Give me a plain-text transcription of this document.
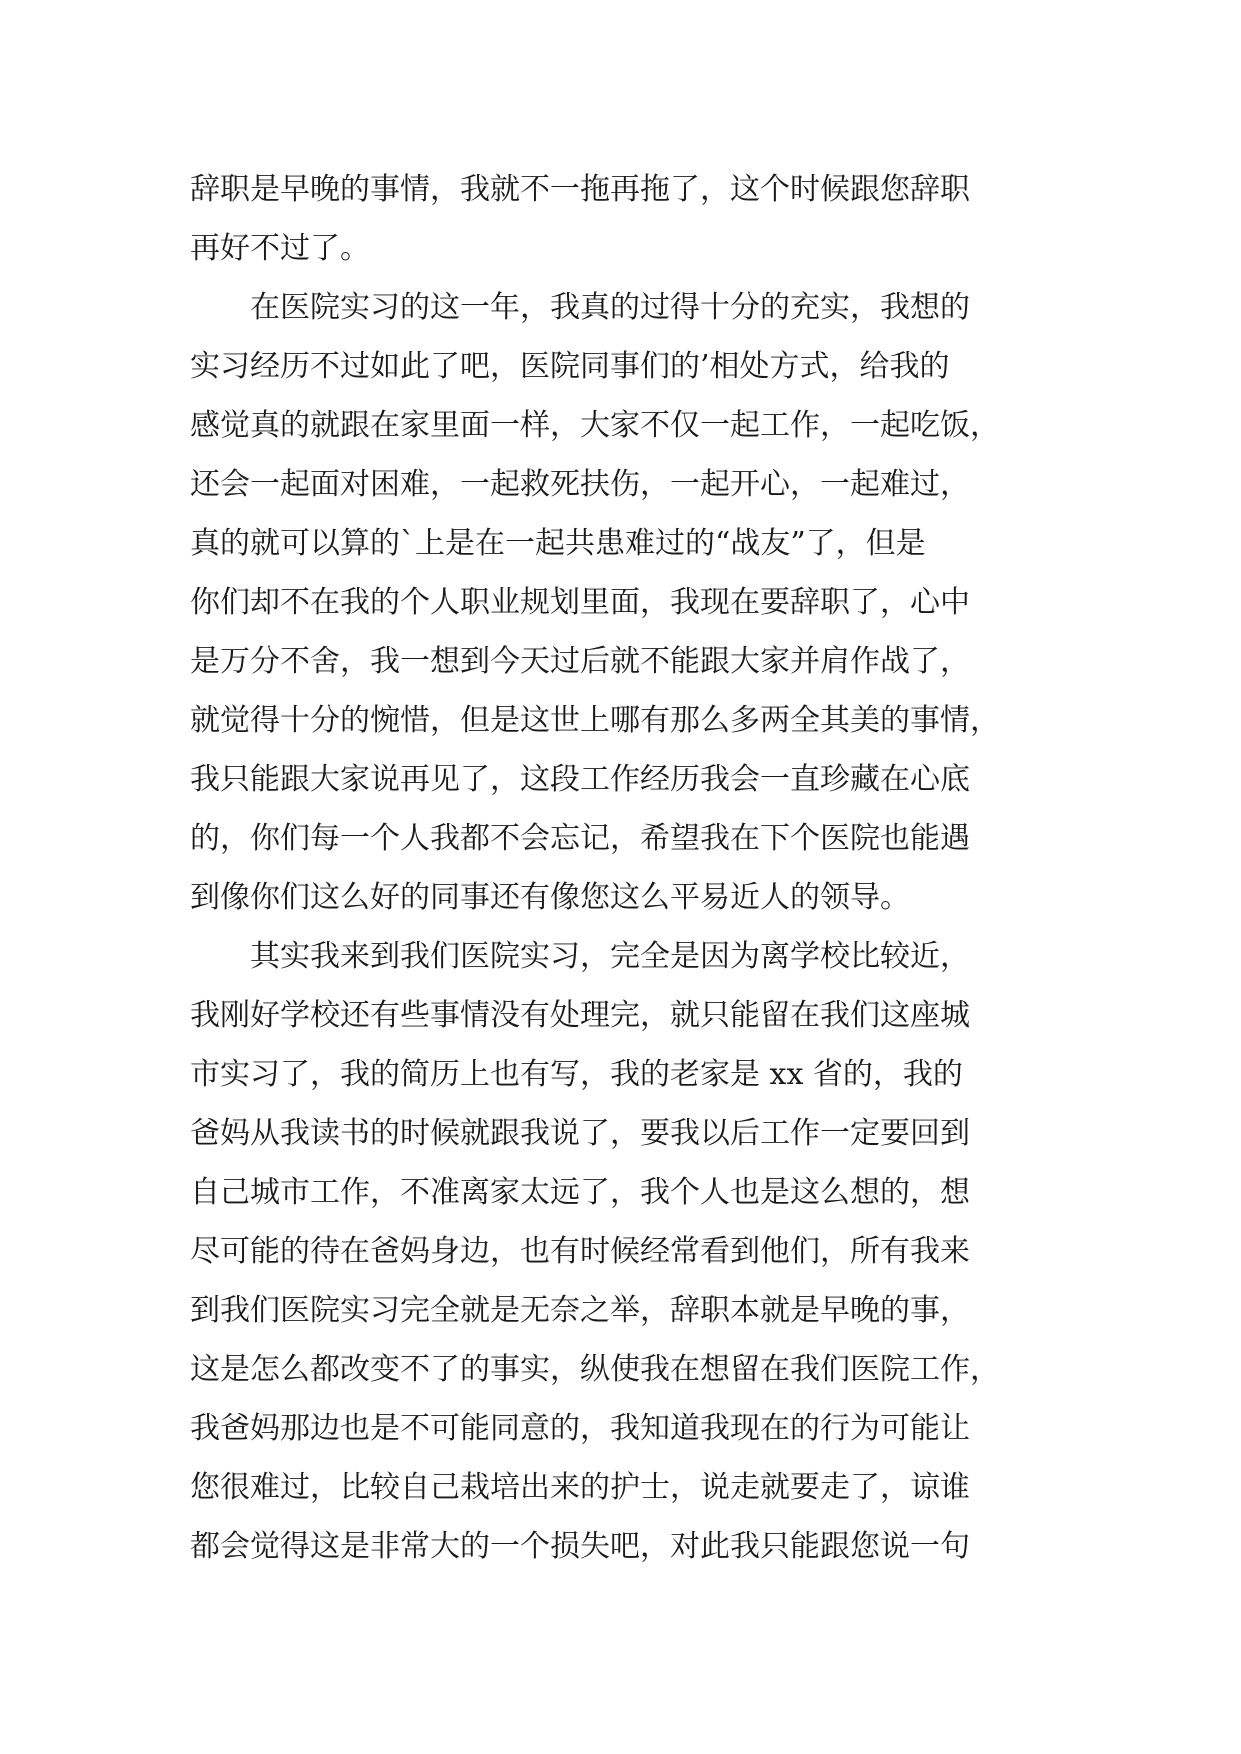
辞职是早晚的事情，我就不一拖再拖了，这个时候跟您辞职
再好不过了。
　　在医院实习的这一年，我真的过得十分的充实，我想的
实习经历不过如此了吧，医院同事们的’相处方式，给我的
感觉真的就跟在家里面一样，大家不仅一起工作，一起吃饭，
还会一起面对困难，一起救死扶伤，一起开心，一起难过，
真的就可以算的`上是在一起共患难过的“战友”了，但是
你们却不在我的个人职业规划里面，我现在要辞职了，心中
是万分不舍，我一想到今天过后就不能跟大家并肩作战了，
就觉得十分的惋惜，但是这世上哪有那么多两全其美的事情，
我只能跟大家说再见了，这段工作经历我会一直珍藏在心底
的，你们每一个人我都不会忘记，希望我在下个医院也能遇
到像你们这么好的同事还有像您这么平易近人的领导。
　　其实我来到我们医院实习，完全是因为离学校比较近，
我刚好学校还有些事情没有处理完，就只能留在我们这座城
市实习了，我的简历上也有写，我的老家是 xx 省的，我的
爸妈从我读书的时候就跟我说了，要我以后工作一定要回到
自己城市工作，不准离家太远了，我个人也是这么想的，想
尽可能的待在爸妈身边，也有时候经常看到他们，所有我来
到我们医院实习完全就是无奈之举，辞职本就是早晚的事，
这是怎么都改变不了的事实，纵使我在想留在我们医院工作，
我爸妈那边也是不可能同意的，我知道我现在的行为可能让
您很难过，比较自己栽培出来的护士，说走就要走了，谅谁
都会觉得这是非常大的一个损失吧，对此我只能跟您说一句
